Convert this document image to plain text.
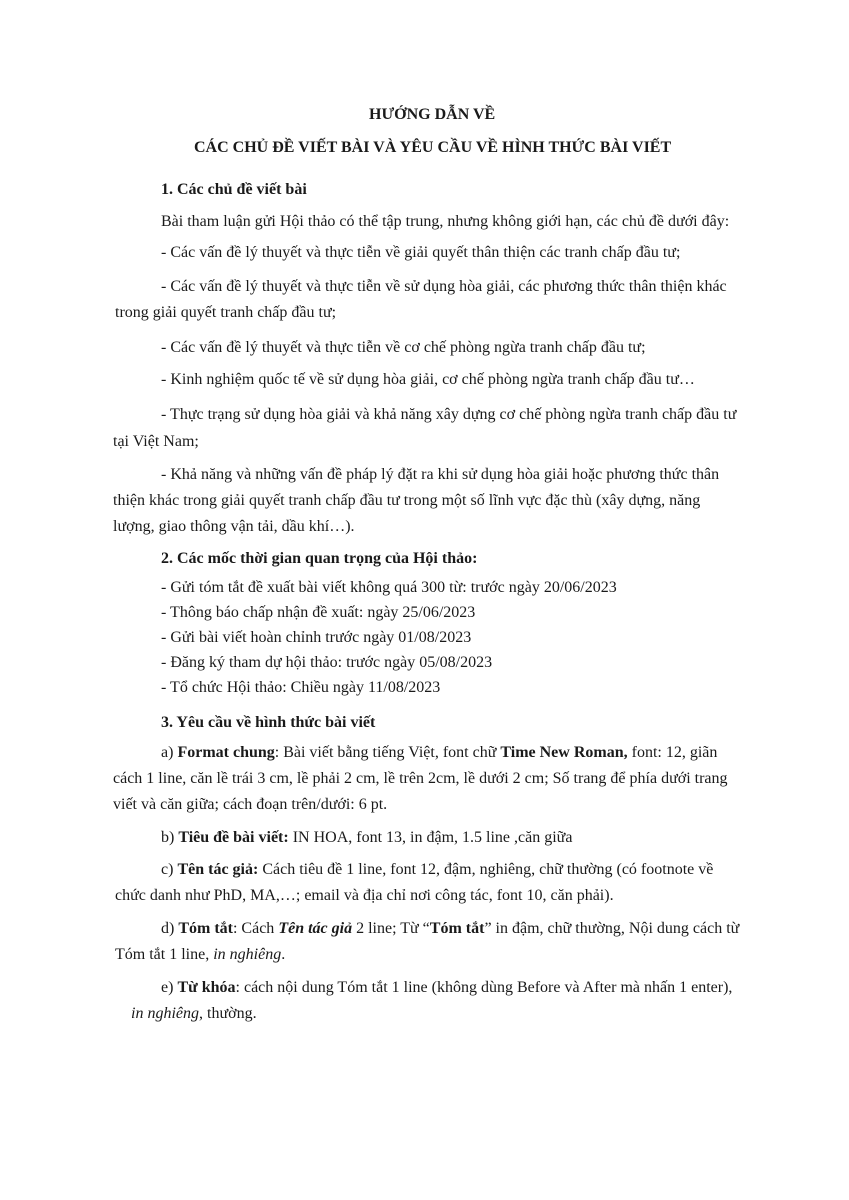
HƯỚNG DẪN VỀ
CÁC CHỦ ĐỀ VIẾT BÀI VÀ YÊU CẦU VỀ HÌNH THỨC BÀI VIẾT
1. Các chủ đề viết bài
Bài tham luận gửi Hội thảo có thể tập trung, nhưng không giới hạn, các chủ đề dưới đây:
- Các vấn đề lý thuyết và thực tiễn về giải quyết thân thiện các tranh chấp đầu tư;
- Các vấn đề lý thuyết và thực tiễn về sử dụng hòa giải, các phương thức thân thiện khác
trong giải quyết tranh chấp đầu tư;
- Các vấn đề lý thuyết và thực tiễn về cơ chế phòng ngừa tranh chấp đầu tư;
- Kinh nghiệm quốc tế về sử dụng hòa giải, cơ chế phòng ngừa tranh chấp đầu tư…
- Thực trạng sử dụng hòa giải và khả năng xây dựng cơ chế phòng ngừa tranh chấp đầu tư
tại Việt Nam;
- Khả năng và những vấn đề pháp lý đặt ra khi sử dụng hòa giải hoặc phương thức thân
thiện khác trong giải quyết tranh chấp đầu tư trong một số lĩnh vực đặc thù (xây dựng, năng
lượng, giao thông vận tải, dầu khí…).
2. Các mốc thời gian quan trọng của Hội thảo:
- Gửi tóm tắt đề xuất bài viết không quá 300 từ: trước ngày 20/06/2023
- Thông báo chấp nhận đề xuất: ngày 25/06/2023
- Gửi bài viết hoàn chỉnh trước ngày 01/08/2023
- Đăng ký tham dự hội thảo: trước ngày 05/08/2023
- Tổ chức Hội thảo: Chiều ngày 11/08/2023
3. Yêu cầu về hình thức bài viết
a) Format chung: Bài viết bằng tiếng Việt, font chữ Time New Roman, font: 12, giãn
cách 1 line, căn lề trái 3 cm, lề phải 2 cm, lề trên 2cm, lề dưới 2 cm; Số trang để phía dưới trang
viết và căn giữa; cách đoạn trên/dưới: 6 pt.
b) Tiêu đề bài viết: IN HOA, font 13, in đậm, 1.5 line ,căn giữa
c) Tên tác giả: Cách tiêu đề 1 line, font 12, đậm, nghiêng, chữ thường (có footnote về
chức danh như PhD, MA,…; email và địa chỉ nơi công tác, font 10, căn phải).
d) Tóm tắt: Cách Tên tác giả 2 line; Từ “Tóm tắt” in đậm, chữ thường, Nội dung cách từ
Tóm tắt 1 line, in nghiêng.
e) Từ khóa: cách nội dung Tóm tắt 1 line (không dùng Before và After mà nhấn 1 enter),
in nghiêng, thường.
